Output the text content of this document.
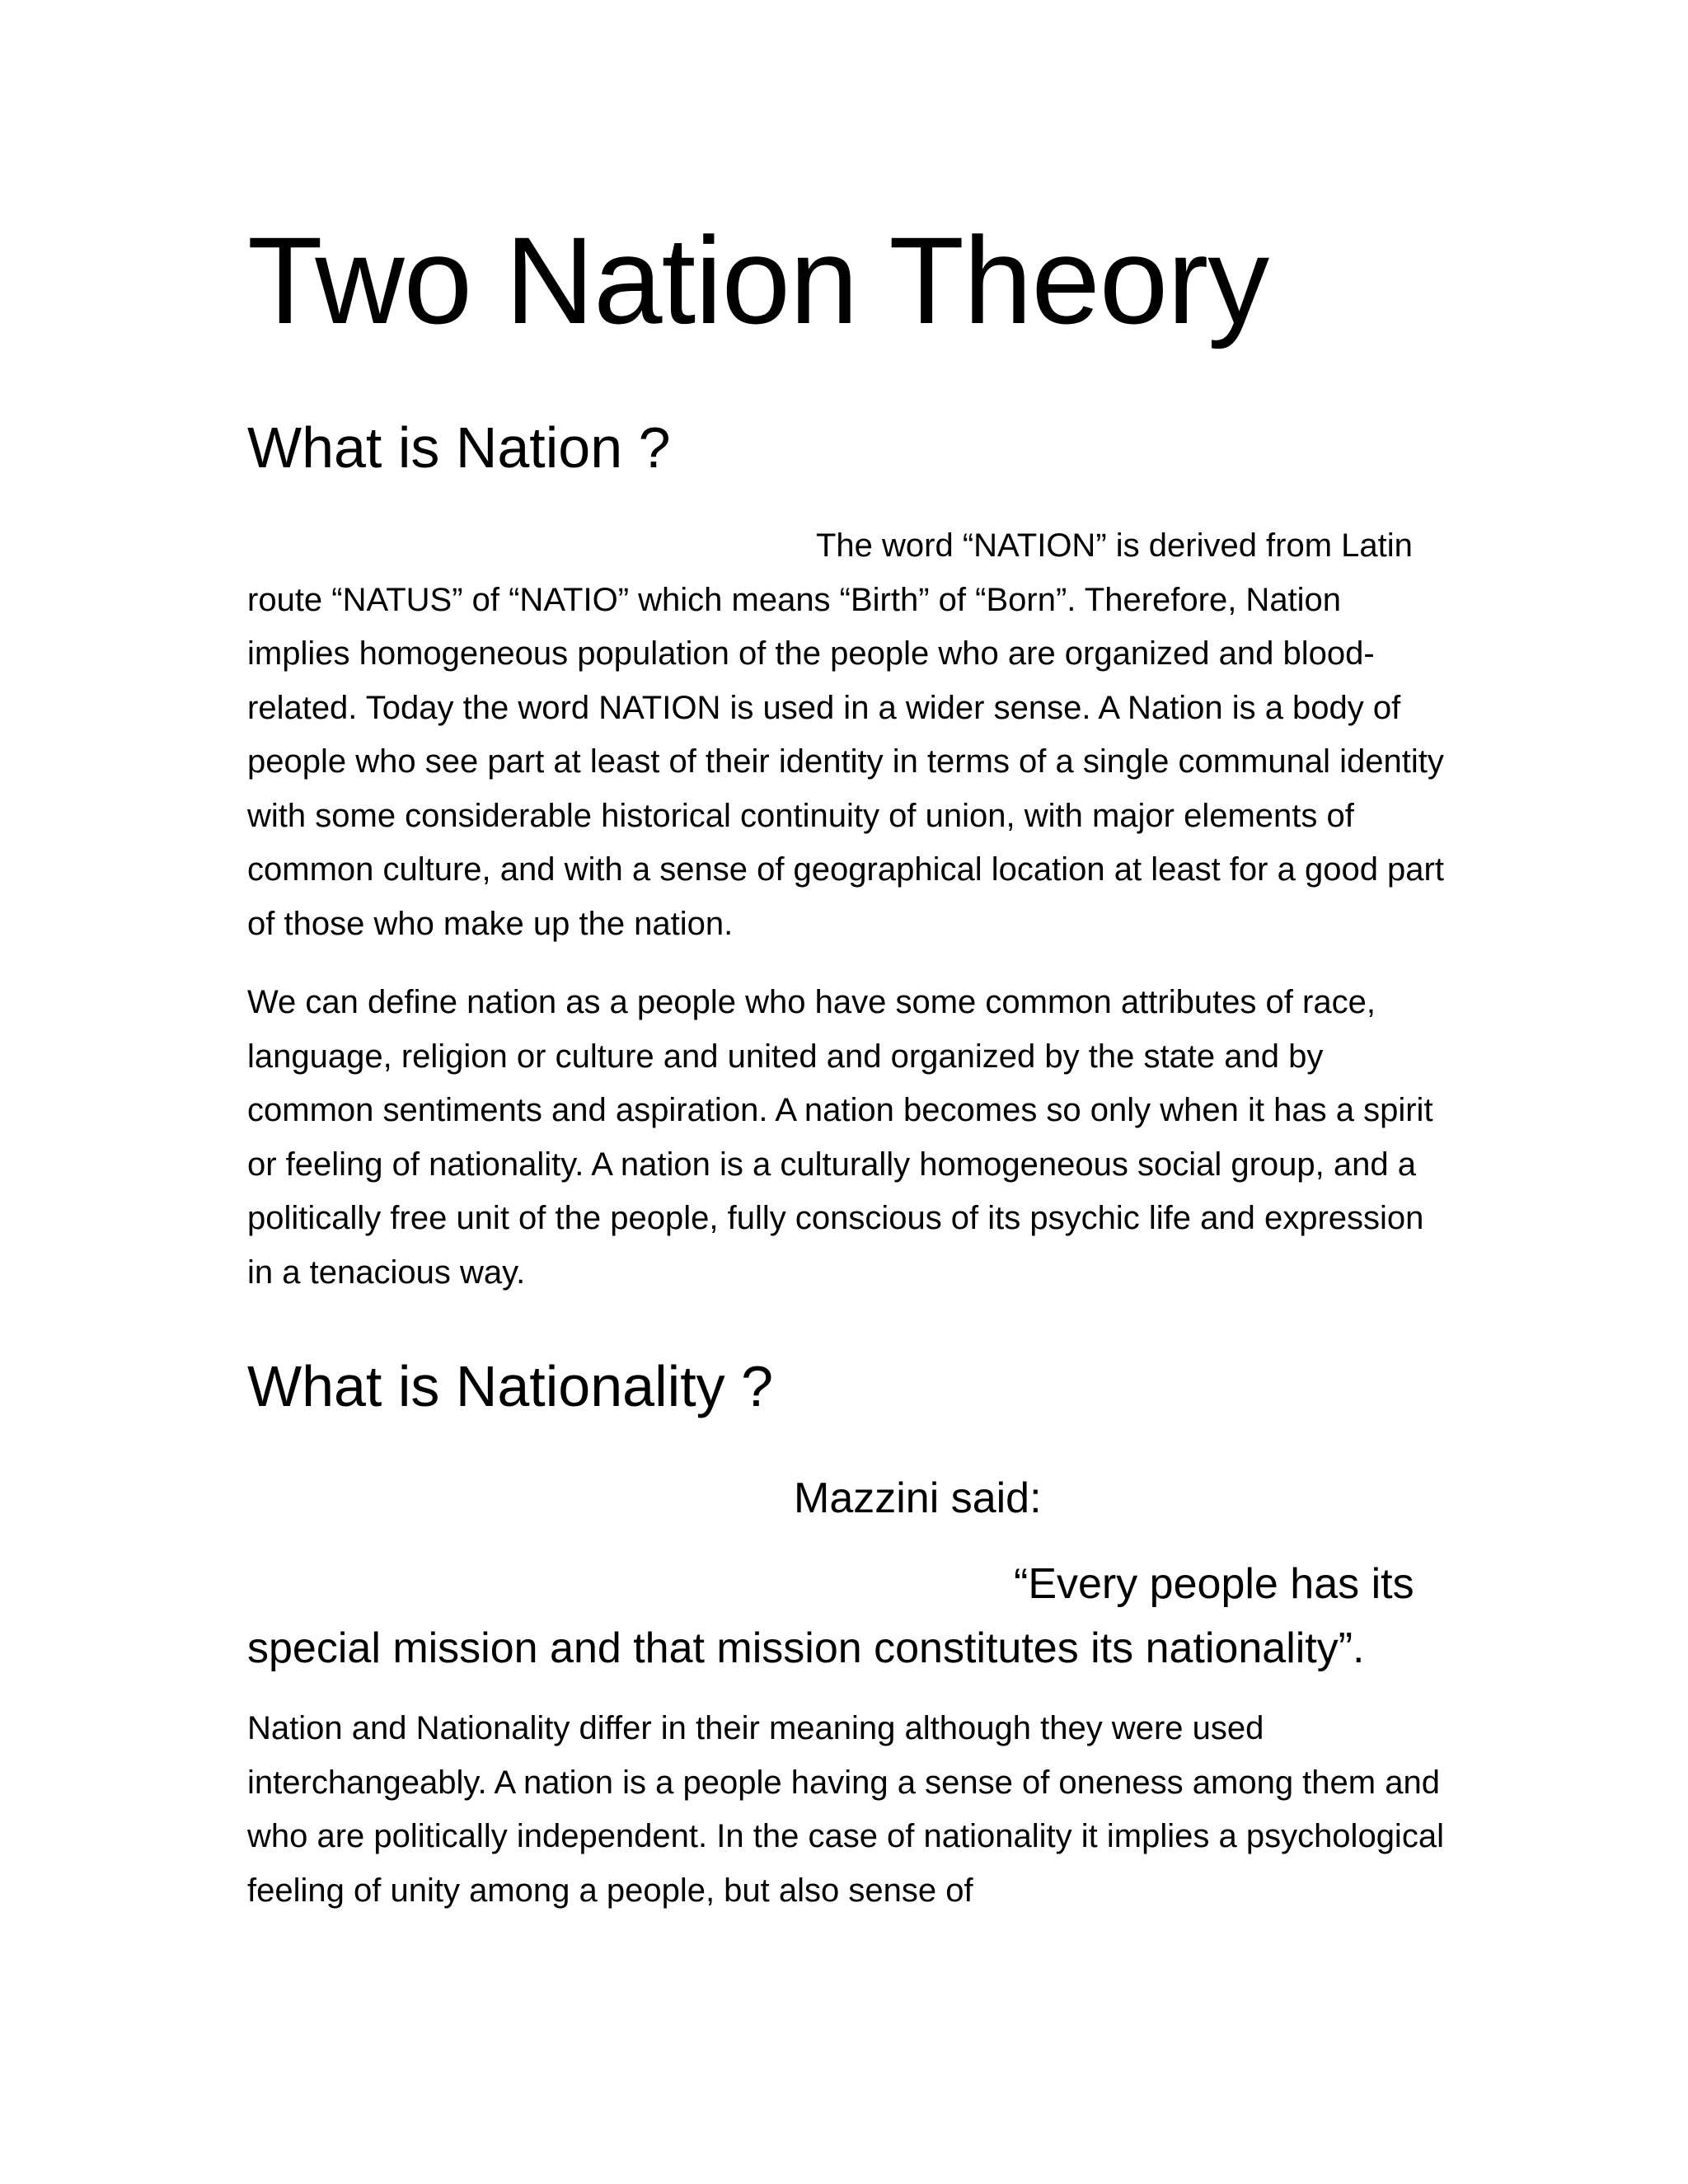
Two Nation Theory
What is Nation ?

The word “NATION” is derived from Latin route “NATUS” of “NATIO” which means “Birth” of “Born”. Therefore, Nation implies homogeneous population of the people who are organized and blood-related. Today the word NATION is used in a wider sense. A Nation is a body of people who see part at least of their identity in terms of a single communal identity with some considerable historical continuity of union, with major elements of common culture, and with a sense of geographical location at least for a good part of those who make up the nation.

We can define nation as a people who have some common attributes of race, language, religion or culture and united and organized by the state and by common sentiments and aspiration. A nation becomes so only when it has a spirit or feeling of nationality. A nation is a culturally homogeneous social group, and a politically free unit of the people, fully conscious of its psychic life and expression in a tenacious way.

What is Nationality ?

Mazzini said:

“Every people has its special mission and that mission constitutes its nationality”.

Nation and Nationality differ in their meaning although they were used interchangeably. A nation is a people having a sense of oneness among them and who are politically independent. In the case of nationality it implies a psychological feeling of unity among a people, but also sense of
